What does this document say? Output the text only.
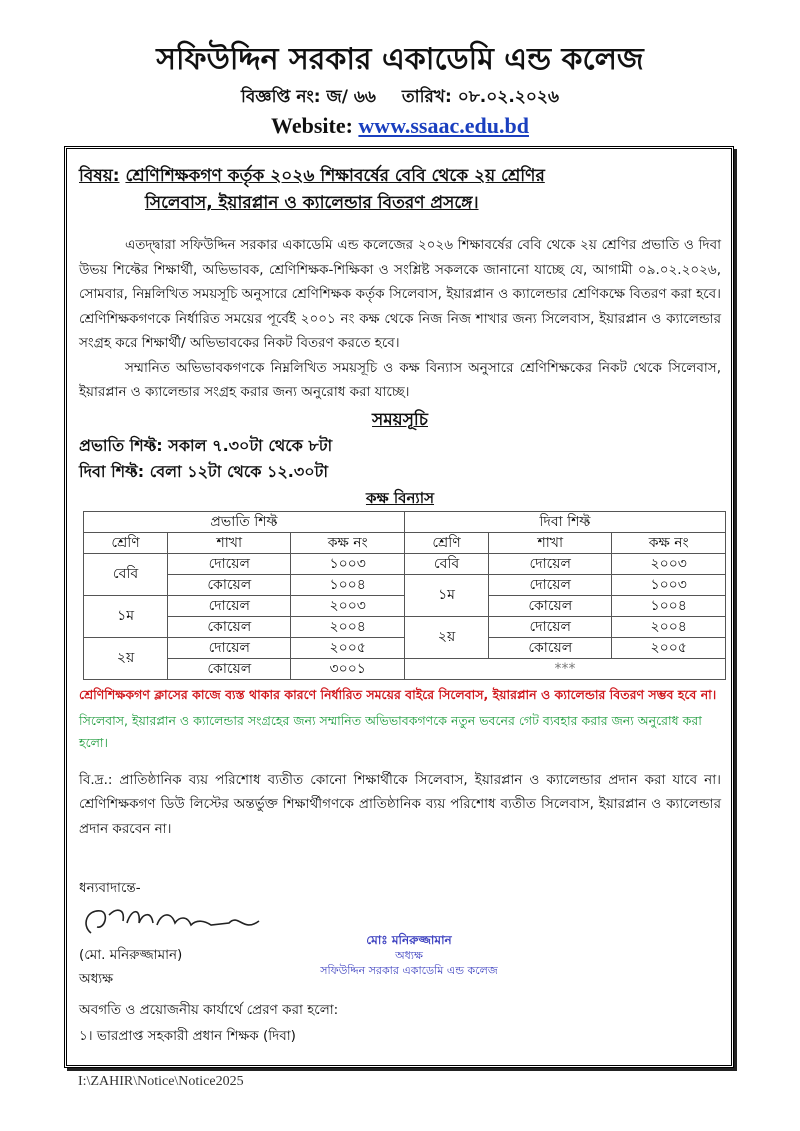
সফিউদ্দিন সরকার একাডেমি এন্ড কলেজ
বিজ্ঞপ্তি নং: জ/ ৬৬ তারিখ: ০৮.০২.২০২৬
Website: www.ssaac.edu.bd
বিষয়: শ্রেণিশিক্ষকগণ কর্তৃক ২০২৬ শিক্ষাবর্ষের বেবি থেকে ২য় শ্রেণির
সিলেবাস, ইয়ারপ্লান ও ক্যালেন্ডার বিতরণ প্রসঙ্গে।
এতদ্দ্বারা সফিউদ্দিন সরকার একাডেমি এন্ড কলেজের ২০২৬ শিক্ষাবর্ষের বেবি থেকে ২য় শ্রেণির প্রভাতি ও দিবা উভয় শিফ্টের শিক্ষার্থী, অভিভাবক, শ্রেণিশিক্ষক-শিক্ষিকা ও সংশ্লিষ্ট সকলকে জানানো যাচ্ছে যে, আগামী ০৯.০২.২০২৬, সোমবার, নিম্নলিখিত সময়সূচি অনুসারে শ্রেণিশিক্ষক কর্তৃক সিলেবাস, ইয়ারপ্লান ও ক্যালেন্ডার শ্রেণিকক্ষে বিতরণ করা হবে। শ্রেণিশিক্ষকগণকে নির্ধারিত সময়ের পূর্বেই ২০০১ নং কক্ষ থেকে নিজ নিজ শাখার জন্য সিলেবাস, ইয়ারপ্লান ও ক্যালেন্ডার সংগ্রহ করে শিক্ষার্থী/ অভিভাবকের নিকট বিতরণ করতে হবে।
সম্মানিত অভিভাবকগণকে নিম্নলিখিত সময়সূচি ও কক্ষ বিন্যাস অনুসারে শ্রেণিশিক্ষকের নিকট থেকে সিলেবাস, ইয়ারপ্লান ও ক্যালেন্ডার সংগ্রহ করার জন্য অনুরোধ করা যাচ্ছে।
সময়সূচি
প্রভাতি শিফ্ট: সকাল ৭.৩০টা থেকে ৮টা
দিবা শিফ্ট: বেলা ১২টা থেকে ১২.৩০টা
কক্ষ বিন্যাস
প্রভাতি শিফ্ট			দিবা শিফ্ট		
শ্রেণি	শাখা	কক্ষ নং	শ্রেণি	শাখা	কক্ষ নং
বেবি	দোয়েল	১০০৩	বেবি	দোয়েল	২০০৩
	কোয়েল	১০০৪	১ম	দোয়েল	১০০৩
১ম	দোয়েল	২০০৩		কোয়েল	১০০৪
	কোয়েল	২০০৪	২য়	দোয়েল	২০০৪
২য়	দোয়েল	২০০৫		কোয়েল	২০০৫
	কোয়েল	৩০০১	***		
শ্রেণিশিক্ষকগণ ক্লাসের কাজে ব্যস্ত থাকার কারণে নির্ধারিত সময়ের বাইরে সিলেবাস, ইয়ারপ্লান ও ক্যালেন্ডার বিতরণ সম্ভব হবে না।
সিলেবাস, ইয়ারপ্লান ও ক্যালেন্ডার সংগ্রহের জন্য সম্মানিত অভিভাবকগণকে নতুন ভবনের গেট ব্যবহার করার জন্য অনুরোধ করা হলো।
বি.দ্র.: প্রাতিষ্ঠানিক ব্যয় পরিশোধ ব্যতীত কোনো শিক্ষার্থীকে সিলেবাস, ইয়ারপ্লান ও ক্যালেন্ডার প্রদান করা যাবে না। শ্রেণিশিক্ষকগণ ডিউ লিস্টের অন্তর্ভুক্ত শিক্ষার্থীগণকে প্রাতিষ্ঠানিক ব্যয় পরিশোধ ব্যতীত সিলেবাস, ইয়ারপ্লান ও ক্যালেন্ডার প্রদান করবেন না।
ধন্যবাদান্তে-
(মো. মনিরুজ্জামান)
অধ্যক্ষ
মোঃ মনিরুজ্জামান
অধ্যক্ষ
সফিউদ্দিন সরকার একাডেমি এন্ড কলেজ
অবগতি ও প্রয়োজনীয় কার্যার্থে প্রেরণ করা হলো:
১। ভারপ্রাপ্ত সহকারী প্রধান শিক্ষক (দিবা)
I:\ZAHIR\Notice\Notice2025
